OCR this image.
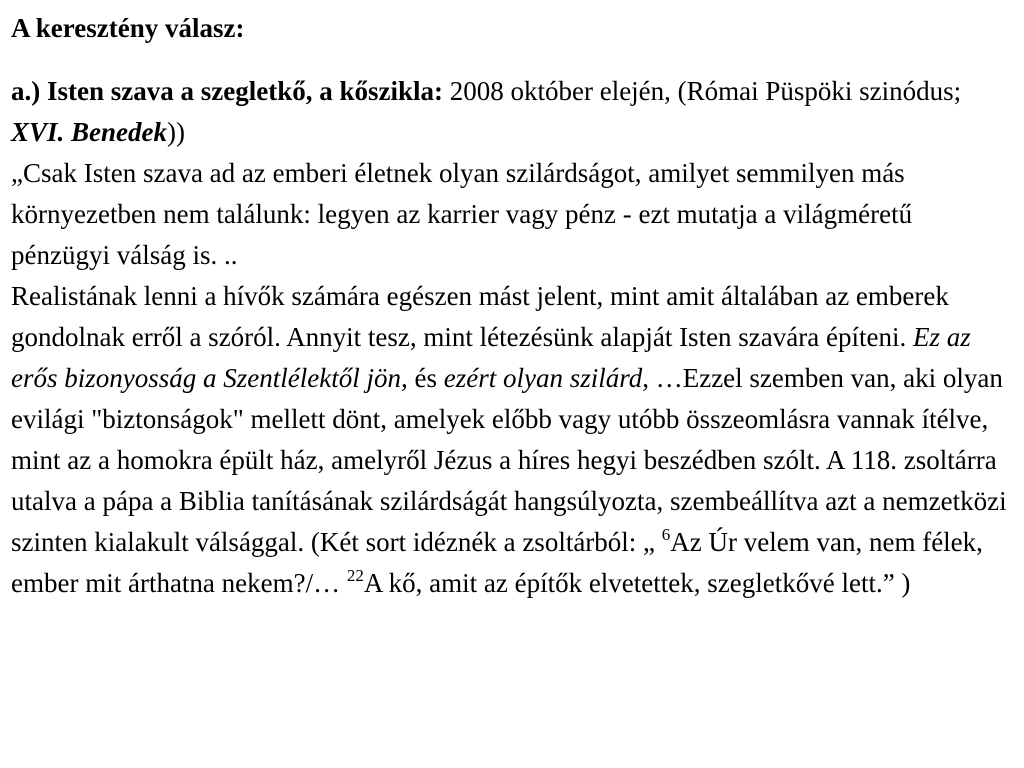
A keresztény válasz:

a.) Isten szava a szegletkő, a kőszikla: 2008 október elején, (Római Püspöki szinódus; XVI. Benedek))
„Csak Isten szava ad az emberi életnek olyan szilárdságot, amilyet semmilyen más környezetben nem találunk: legyen az karrier vagy pénz - ezt mutatja a világméretű pénzügyi válság is. ..
Realistának lenni a hívők számára egészen mást jelent, mint amit általában az emberek gondolnak erről a szóról. Annyit tesz, mint létezésünk alapját Isten szavára építeni. Ez az erős bizonyosság a Szentlélektől jön, és ezért olyan szilárd, …Ezzel szemben van, aki olyan evilági "biztonságok" mellett dönt, amelyek előbb vagy utóbb összeomlásra vannak ítélve, mint az a homokra épült ház, amelyről Jézus a híres hegyi beszédben szólt. A 118. zsoltárra utalva a pápa a Biblia tanításának szilárdságát hangsúlyozta, szembeállítva azt a nemzetközi szinten kialakult válsággal. (Két sort idéznék a zsoltárból: „ $^6$Az Úr velem van, nem félek, ember mit árthatna nekem?/… $^{22}$A kő, amit az építők elvetettek, szegletkővé lett.” )
